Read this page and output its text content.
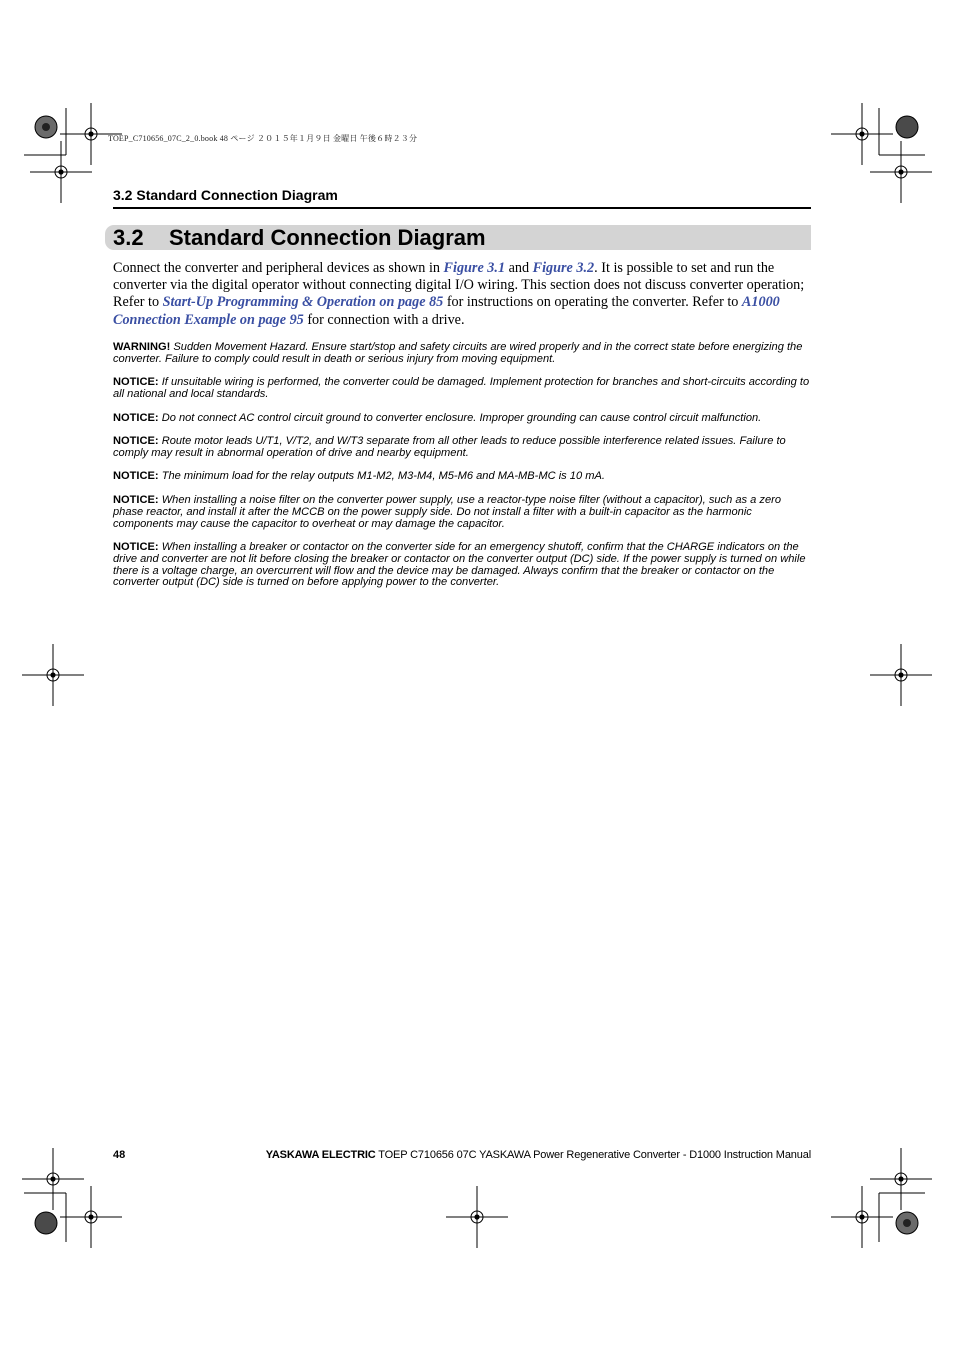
TOEP_C710656_07C_2_0.book 48 ページ ２０１５年１月９日 金曜日 午後６時２３分
3.2 Standard Connection Diagram
3.2 Standard Connection Diagram

Connect the converter and peripheral devices as shown in Figure 3.1 and Figure 3.2. It is possible to set and run the converter via the digital operator without connecting digital I/O wiring. This section does not discuss converter operation; Refer to Start-Up Programming & Operation on page 85 for instructions on operating the converter. Refer to A1000 Connection Example on page 95 for connection with a drive.

WARNING! Sudden Movement Hazard. Ensure start/stop and safety circuits are wired properly and in the correct state before energizing the converter. Failure to comply could result in death or serious injury from moving equipment.

NOTICE: If unsuitable wiring is performed, the converter could be damaged. Implement protection for branches and short-circuits according to all national and local standards.

NOTICE: Do not connect AC control circuit ground to converter enclosure. Improper grounding can cause control circuit malfunction.

NOTICE: Route motor leads U/T1, V/T2, and W/T3 separate from all other leads to reduce possible interference related issues. Failure to comply may result in abnormal operation of drive and nearby equipment.

NOTICE: The minimum load for the relay outputs M1-M2, M3-M4, M5-M6 and MA-MB-MC is 10 mA.

NOTICE: When installing a noise filter on the converter power supply, use a reactor-type noise filter (without a capacitor), such as a zero phase reactor, and install it after the MCCB on the power supply side. Do not install a filter with a built-in capacitor as the harmonic components may cause the capacitor to overheat or may damage the capacitor.

NOTICE: When installing a breaker or contactor on the converter side for an emergency shutoff, confirm that the CHARGE indicators on the drive and converter are not lit before closing the breaker or contactor on the converter output (DC) side. If the power supply is turned on while there is a voltage charge, an overcurrent will flow and the device may be damaged. Always confirm that the breaker or contactor on the converter output (DC) side is turned on before applying power to the converter.

48	YASKAWA ELECTRIC TOEP C710656 07C YASKAWA Power Regenerative Converter - D1000 Instruction Manual
